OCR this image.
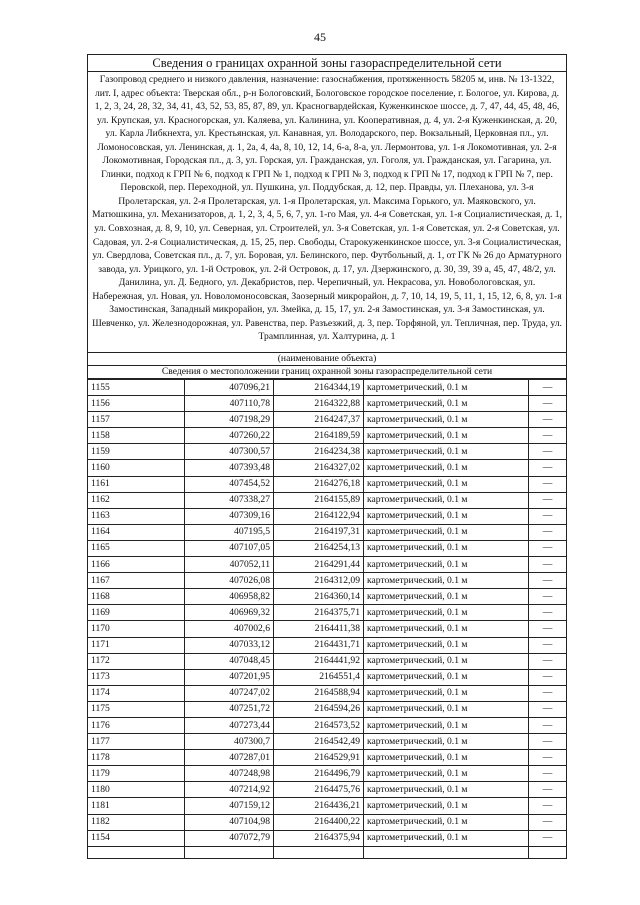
45
Сведения о границах охранной зоны газораспределительной сети
Газопровод среднего и низкого давления, назначение: газоснабжения, протяженность 58205 м, инв. № 13-1322, лит. I, адрес объекта: Тверская обл., р-н Бологовский, Бологовское городское поселение, г. Бологое, ул. Кирова, д. 1, 2, 3, 24, 28, 32, 34, 41, 43, 52, 53, 85, 87, 89, ул. Красногвардейская, Куженкинское шоссе, д. 7, 47, 44, 45, 48, 46, ул. Крупская, ул. Красногорская, ул. Каляева, ул. Калинина, ул. Кооперативная, д. 4, ул. 2-я Куженкинская, д. 20, ул. Карла Либкнехта, ул. Крестьянская, ул. Канавная, ул. Володарского, пер. Вокзальный, Церковная пл., ул. Ломоносовская, ул. Ленинская, д. 1, 2а, 4, 4а, 8, 10, 12, 14, 6-а, 8-а, ул. Лермонтова, ул. 1-я Локомотивная, ул. 2-я Локомотивная, Городская пл., д. 3, ул. Горская, ул. Гражданская, ул. Гоголя, ул. Гражданская, ул. Гагарина, ул. Глинки, подход к ГРП № 6, подход к ГРП № 1, подход к ГРП № 3, подход к ГРП № 17, подход к ГРП № 7, пер. Перовской, пер. Переходной, ул. Пушкина, ул. Поддубская, д. 12, пер. Правды, ул. Плеханова, ул. 3-я Пролетарская, ул. 2-я Пролетарская, ул. 1-я Пролетарская, ул. Максима Горького, ул. Маяковского, ул. Матюшкина, ул. Механизаторов, д. 1, 2, 3, 4, 5, 6, 7, ул. 1-го Мая, ул. 4-я Советская, ул. 1-я Социалистическая, д. 1, ул. Совхозная, д. 8, 9, 10, ул. Северная, ул. Строителей, ул. 3-я Советская, ул. 1-я Советская, ул. 2-я Советская, ул. Садовая, ул. 2-я Социалистическая, д. 15, 25, пер. Свободы, Старокуженкинское шоссе, ул. 3-я Социалистическая, ул. Свердлова, Советская пл., д. 7, ул. Боровая, ул. Белинского, пер. Футбольный, д. 1, от ГК № 26 до Арматурного завода, ул. Урицкого, ул. 1-й Островок, ул. 2-й Островок, д. 17, ул. Дзержинского, д. 30, 39, 39 а, 45, 47, 48/2, ул. Данилина, ул. Д. Бедного, ул. Декабристов, пер. Черепичный, ул. Некрасова, ул. Новобологовская, ул. Набережная, ул. Новая, ул. Новоломоносовская, Заозерный микрорайон, д. 7, 10, 14, 19, 5, 11, 1, 15, 12, 6, 8, ул. 1-я Замостинская, Западный микрорайон, ул. Змейка, д. 15, 17, ул. 2-я Замостинская, ул. 3-я Замостинская, ул. Шевченко, ул. Железнодорожная, ул. Равенства, пер. Разъезжий, д. 3, пер. Торфяной, ул. Тепличная, пер. Труда, ул. Трамплинная, ул. Халтурина, д. 1
(наименование объекта)
Сведения о местоположении границ охранной зоны газораспределительной сети
1155	407096,21	2164344,19	картометрический, 0.1 м	—
1156	407110,78	2164322,88	картометрический, 0.1 м	—
1157	407198,29	2164247,37	картометрический, 0.1 м	—
1158	407260,22	2164189,59	картометрический, 0.1 м	—
1159	407300,57	2164234,38	картометрический, 0.1 м	—
1160	407393,48	2164327,02	картометрический, 0.1 м	—
1161	407454,52	2164276,18	картометрический, 0.1 м	—
1162	407338,27	2164155,89	картометрический, 0.1 м	—
1163	407309,16	2164122,94	картометрический, 0.1 м	—
1164	407195,5	2164197,31	картометрический, 0.1 м	—
1165	407107,05	2164254,13	картометрический, 0.1 м	—
1166	407052,11	2164291,44	картометрический, 0.1 м	—
1167	407026,08	2164312,09	картометрический, 0.1 м	—
1168	406958,82	2164360,14	картометрический, 0.1 м	—
1169	406969,32	2164375,71	картометрический, 0.1 м	—
1170	407002,6	2164411,38	картометрический, 0.1 м	—
1171	407033,12	2164431,71	картометрический, 0.1 м	—
1172	407048,45	2164441,92	картометрический, 0.1 м	—
1173	407201,95	2164551,4	картометрический, 0.1 м	—
1174	407247,02	2164588,94	картометрический, 0.1 м	—
1175	407251,72	2164594,26	картометрический, 0.1 м	—
1176	407273,44	2164573,52	картометрический, 0.1 м	—
1177	407300,7	2164542,49	картометрический, 0.1 м	—
1178	407287,01	2164529,91	картометрический, 0.1 м	—
1179	407248,98	2164496,79	картометрический, 0.1 м	—
1180	407214,92	2164475,76	картометрический, 0.1 м	—
1181	407159,12	2164436,21	картометрический, 0.1 м	—
1182	407104,98	2164400,22	картометрический, 0.1 м	—
1154	407072,79	2164375,94	картометрический, 0.1 м	—
